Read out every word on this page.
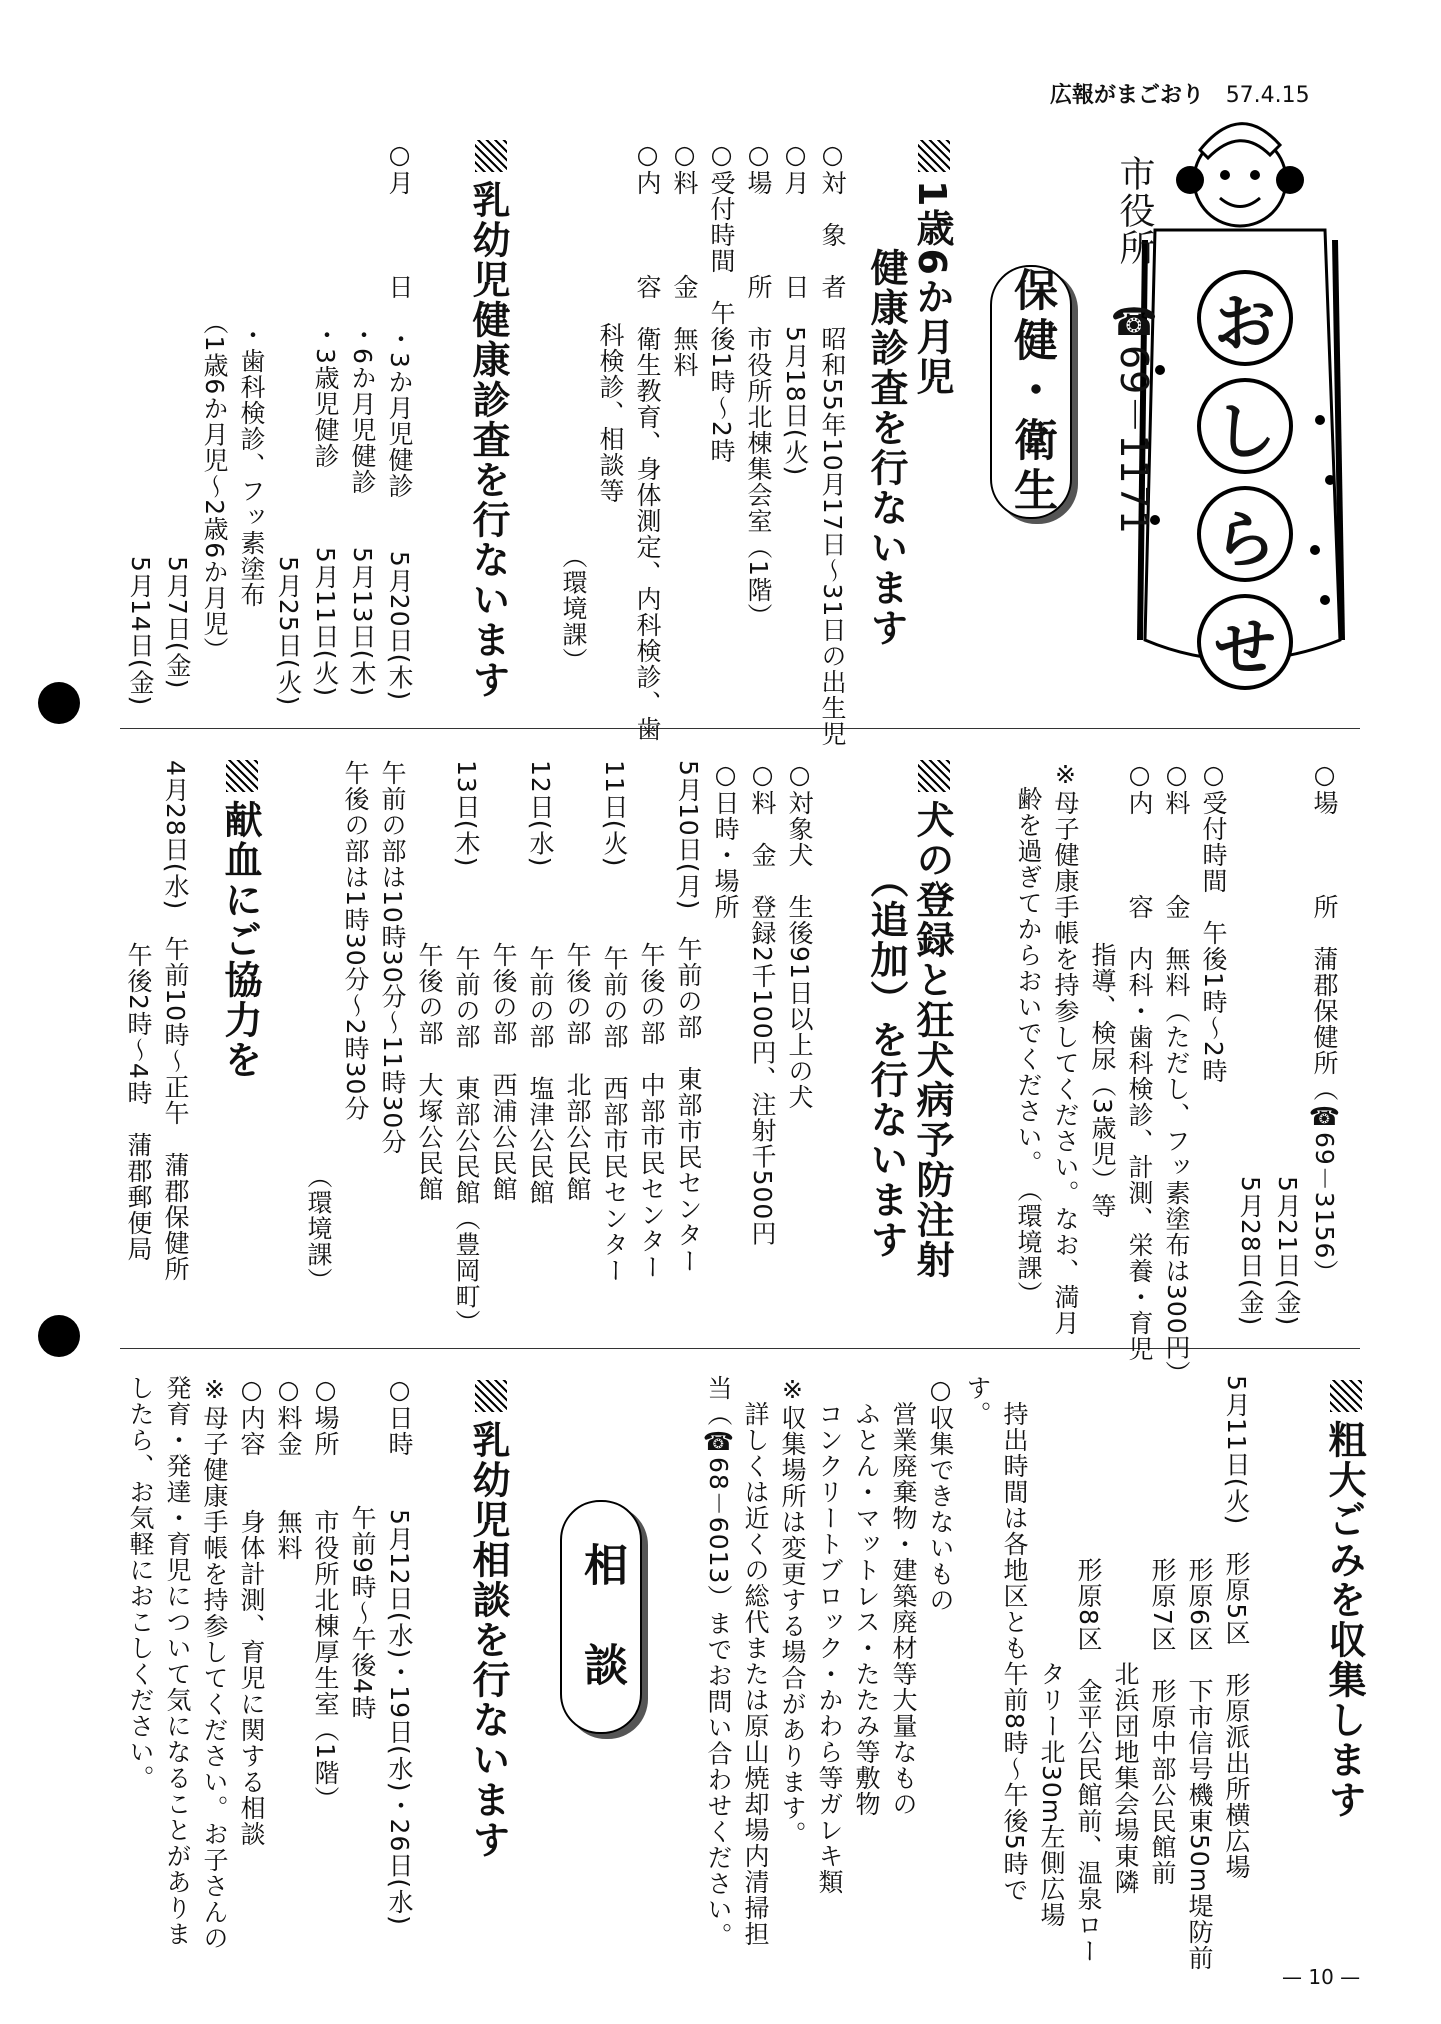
広報がまごおり 57.4.15
お
し
ら
せ
市役所
☎69－1171
保健・衛生
1歳6か月児
健康診査を行ないます
○対　象　者　昭和55年10月17日～31日の出生児
○月　　　日　5月18日(火)
○場　　　所　市役所北棟集会室（1階）
○受付時間　午後1時～2時
○料　　　金　無料
○内　　　容　衛生教育、身体測定、内科検診、歯
　　　　　　　科検診、相談等
　　　　　　　　　　　　　　　　（環境課）
乳幼児健康診査を行ないます
○月　　　日　・3か月児健診　　5月20日(木)
　　　　　　　・6か月児健診　　5月13日(木)
　　　　　　　・3歳児健診　　　5月11日(火)
　　　　　　　　　　　　　　　　5月25日(火)
　　　　　　　・歯科検診、フッ素塗布
　　　　　　　（1歳6か月児～2歳6か月児）
　　　　　　　　　　　　　　　　5月7日(金)
　　　　　　　　　　　　　　　　5月14日(金)
○場　　　所　蒲郡保健所（☎69－3156）
　　　　　　　　　　　　　　　　5月21日(金)
　　　　　　　　　　　　　　　　5月28日(金)
○受付時間　午後1時～2時
○料　　　金　無料（ただし、フッ素塗布は300円）
○内　　　容　内科・歯科検診、計測、栄養・育児
　　　　　　　指導、検尿（3歳児）等
※母子健康手帳を持参してください。なお、満月
　齢を過ぎてからおいでください。　（環境課）
犬の登録と狂犬病予防注射
（追加）を行ないます
○対象犬　生後91日以上の犬
○料　金　登録2千100円、注射千500円
○日時・場所
5月10日(月)　午前の部　東部市民センター
　　　　　　　午後の部　中部市民センター
11日(火)　　　午前の部　西部市民センター
　　　　　　　午後の部　北部公民館
12日(水)　　　午前の部　塩津公民館
　　　　　　　午後の部　西浦公民館
13日(木)　　　午前の部　東部公民館（豊岡町）
　　　　　　　午後の部　大塚公民館
午前の部は10時30分～11時30分
午後の部は1時30分～2時30分
　　　　　　　　　　　　　　　　（環境課）
献血にご協力を
4月28日(水)　午前10時～正午　蒲郡保健所
　　　　　　　午後2時～4時　蒲郡郵便局
粗大ごみを収集します
5月11日(火)　形原5区　形原派出所横広場
　　　　　　　形原6区　下市信号機東50m堤防前
　　　　　　　形原7区　形原中部公民館前
　　　　　　　　　　　北浜団地集会場東隣
　　　　　　　形原8区　金平公民館前、温泉ロー
　　　　　　　　　　　タリー北30m左側広場
　持出時間は各地区とも午前8時～午後5時で
す。
○収集できないもの
　営業廃棄物・建築廃材等大量なもの
　ふとん・マットレス・たたみ等敷物
　コンクリートブロック・かわら等ガレキ類
※収集場所は変更する場合があります。
　詳しくは近くの総代または原山焼却場内清掃担
当（☎68－6013）までお問い合わせください。
相　談
乳幼児相談を行ないます
○日時　　5月12日(水)・19日(水)・26日(水)
　　　　　午前9時～午後4時
○場所　　市役所北棟厚生室（1階）
○料金　　無料
○内容　　身体計測、育児に関する相談
※母子健康手帳を持参してください。お子さんの
発育・発達・育児について気になることがありま
したら、お気軽におこしください。
— 10 —
